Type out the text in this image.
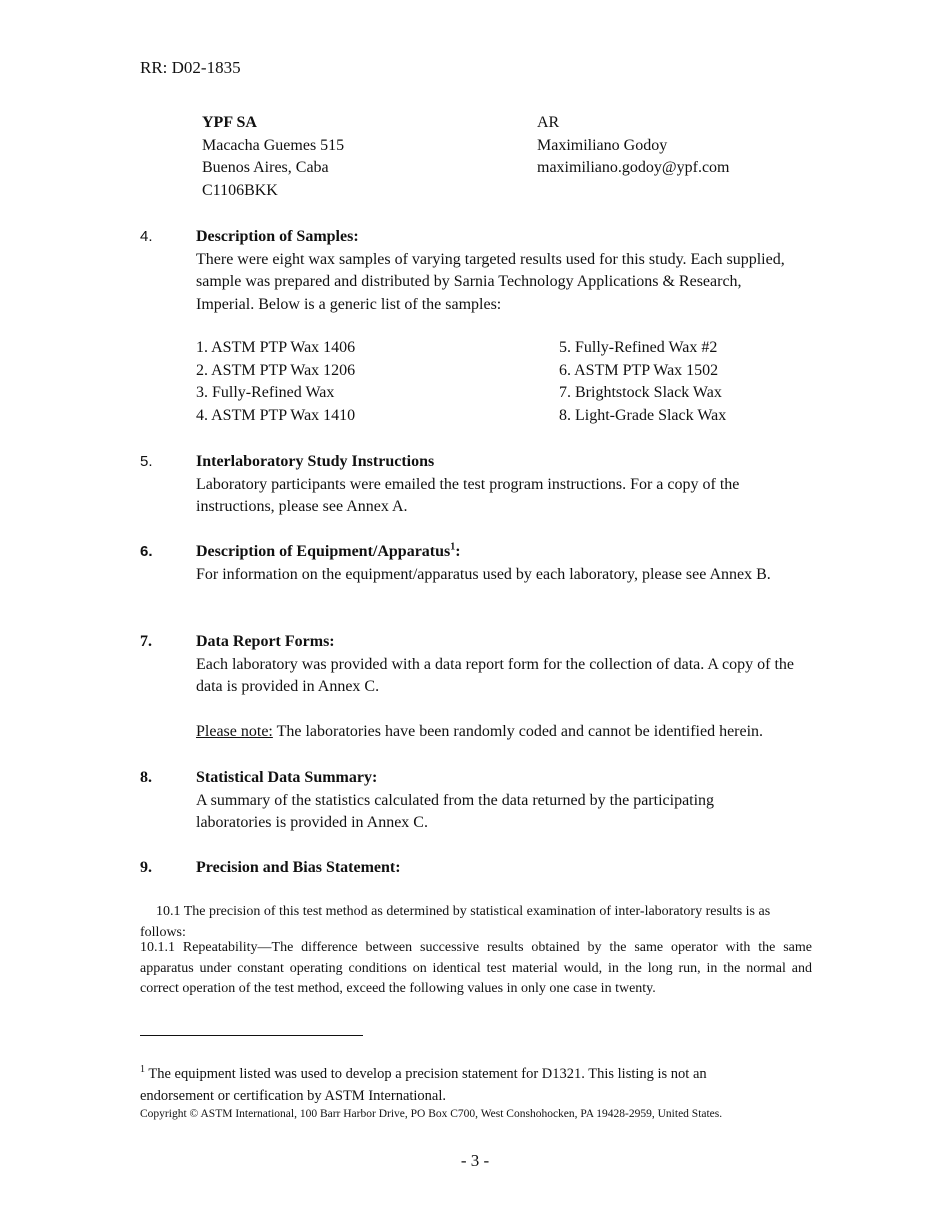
RR: D02-1835
YPF SA
Macacha Guemes 515
Buenos Aires, Caba
C1106BKK
AR
Maximiliano Godoy
maximiliano.godoy@ypf.com
4.	Description of Samples:
There were eight wax samples of varying targeted results used for this study. Each supplied, sample was prepared and distributed by Sarnia Technology Applications & Research, Imperial. Below is a generic list of the samples:
1. ASTM PTP Wax 1406
2. ASTM PTP Wax 1206
3. Fully-Refined Wax
4. ASTM PTP Wax 1410
5. Fully-Refined Wax #2
6. ASTM PTP Wax 1502
7. Brightstock Slack Wax
8. Light-Grade Slack Wax
5.	Interlaboratory Study Instructions
Laboratory participants were emailed the test program instructions. For a copy of the instructions, please see Annex A.
6.	Description of Equipment/Apparatus$^1$:
For information on the equipment/apparatus used by each laboratory, please see Annex B.
7.	Data Report Forms:
Each laboratory was provided with a data report form for the collection of data. A copy of the data is provided in Annex C.
Please note: The laboratories have been randomly coded and cannot be identified herein.
8.	Statistical Data Summary:
A summary of the statistics calculated from the data returned by the participating laboratories is provided in Annex C.
9.	Precision and Bias Statement:
10.1 The precision of this test method as determined by statistical examination of inter-laboratory results is as follows:
10.1.1 Repeatability—The difference between successive results obtained by the same operator with the same apparatus under constant operating conditions on identical test material would, in the long run, in the normal and correct operation of the test method, exceed the following values in only one case in twenty.
$^1$ The equipment listed was used to develop a precision statement for D1321. This listing is not an endorsement or certification by ASTM International.
Copyright © ASTM International, 100 Barr Harbor Drive, PO Box C700, West Conshohocken, PA 19428-2959, United States.
- 3 -
